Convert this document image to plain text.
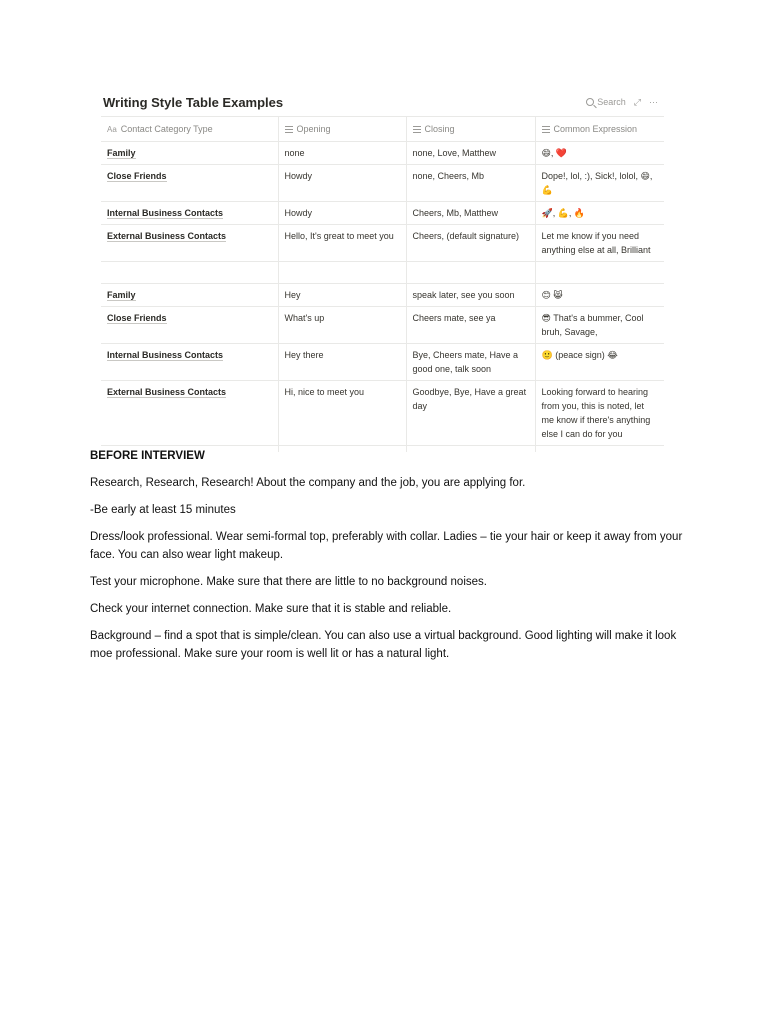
Writing Style Table Examples	Search ⤢ ···
Aa Contact Category Type	Opening	Closing	Common Expression
Family	none	none, Love, Matthew	😄, ❤️
Close Friends	Howdy	none, Cheers, Mb	Dope!, lol, :), Sick!, lolol, 😄, 💪
Internal Business Contacts	Howdy	Cheers, Mb, Matthew	🚀, 💪, 🔥
External Business Contacts	Hello, It's great to meet you	Cheers, (default signature)	Let me know if you need anything else at all, Brilliant

Family	Hey	speak later, see you soon	😊 😸
Close Friends	What's up	Cheers mate, see ya	😎 That's a bummer, Cool bruh, Savage,
Internal Business Contacts	Hey there	Bye, Cheers mate, Have a good one, talk soon	🙂 (peace sign) 😂
External Business Contacts	Hi, nice to meet you	Goodbye, Bye, Have a great day	Looking forward to hearing from you, this is noted, let me know if there's anything else I can do for you

BEFORE INTERVIEW

Research, Research, Research! About the company and the job, you are applying for.

-Be early at least 15 minutes

Dress/look professional. Wear semi-formal top, preferably with collar. Ladies – tie your hair or keep it away from your face. You can also wear light makeup.

Test your microphone. Make sure that there are little to no background noises.

Check your internet connection. Make sure that it is stable and reliable.

Background – find a spot that is simple/clean. You can also use a virtual background. Good lighting will make it look moe professional. Make sure your room is well lit or has a natural light.
